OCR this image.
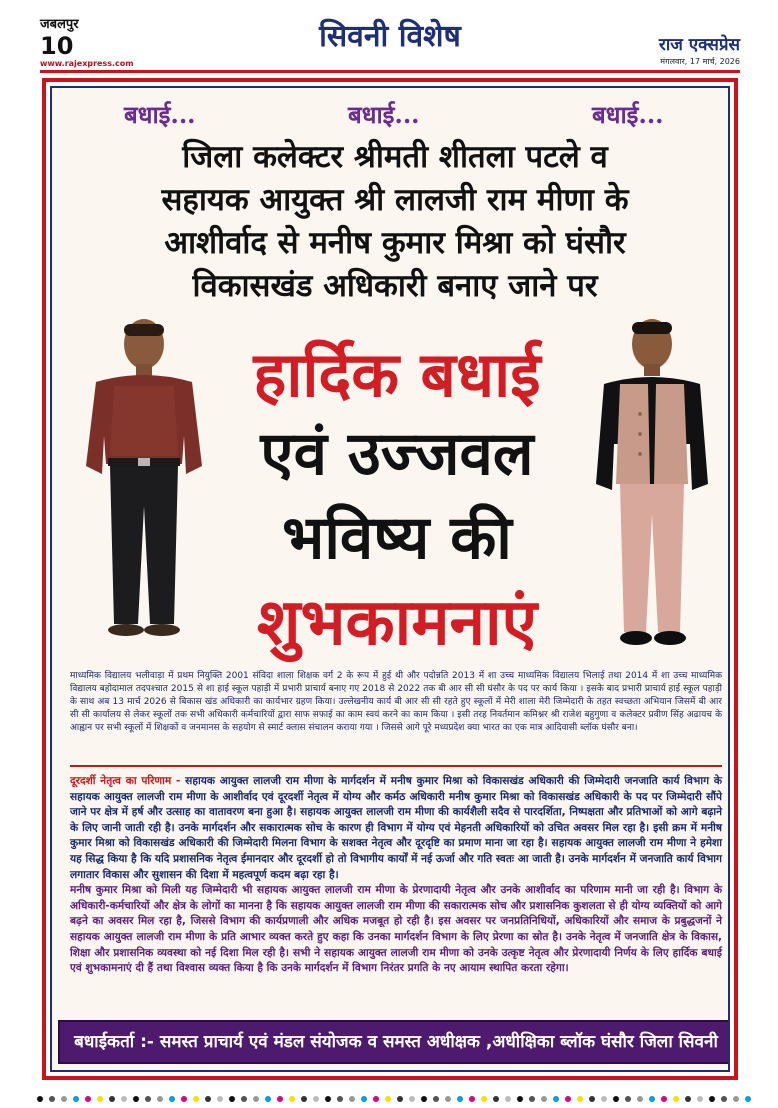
जबलपुर
10
www.rajexpress.com
सिवनी विशेष	राज एक्सप्रेस
मंगलवार, 17 मार्च, 2026
बधाई...	बधाई...	बधाई...
जिला कलेक्टर श्रीमती शीतला पटले व
सहायक आयुक्त श्री लालजी राम मीणा के
आशीर्वाद से मनीष कुमार मिश्रा को घंसौर
विकासखंड अधिकारी बनाए जाने पर
हार्दिक बधाई
एवं उज्जवल
भविष्य की
शुभकामनाएं

माध्यमिक विद्यालय भलीवाड़ा में प्रथम नियुक्ति 2001 संविदा शाला शिक्षक वर्ग 2 के रूप में हुई थी और पदोन्नति 2013 में शा उच्च माध्यमिक विद्यालय भिलाई तथा 2014 में शा उच्च माध्यमिक विद्यालय बहोदामाल तदपश्चात 2015 से शा हाई स्कूल पहाड़ी में प्रभारी प्राचार्य बनाए गए 2018 से 2022 तक बी आर सी सी घंसौर के पद पर कार्य किया । इसके बाद प्रभारी प्राचार्य हाई स्कूल पहाड़ी के साथ अब 13 मार्च 2026 से बिकास खंड अधिकारी का कार्यभार ग्रहण किया। उल्लेखनीय कार्य बी आर सी सी रहते हुए स्कूलों में मेरी शाला मेरी जिम्मेदारी के तहत स्वच्छता अभियान जिसमें बी आर सी सी कार्यालय से लेकर स्कूलों तक सभी अधिकारी कर्मचारियों द्वारा साफ सफाई का काम स्वयं करने का काम किया । इसी तरह निवर्तमान कमिश्नर श्री राजेश बहुगुणा व कलेक्टर प्रवीण सिंह अढायच के आह्वान पर सभी स्कूलों में शिक्षकों व जनमानस के सहयोग से स्मार्ट क्लास संचालन कराया गया । जिससे आगे पूरे मध्यप्रदेश क्या भारत का एक मात्र आदिवासी ब्लॉक घंसौर बना।

दूरदर्शी नेतृत्व का परिणाम - सहायक आयुक्त लालजी राम मीणा के मार्गदर्शन में मनीष कुमार मिश्रा को विकासखंड अधिकारी की जिम्मेदारी जनजाति कार्य विभाग के सहायक आयुक्त लालजी राम मीणा के आशीर्वाद एवं दूरदर्शी नेतृत्व में योग्य और कर्मठ अधिकारी मनीष कुमार मिश्रा को विकासखंड अधिकारी के पद पर जिम्मेदारी सौंपे जाने पर क्षेत्र में हर्ष और उत्साह का वातावरण बना हुआ है। सहायक आयुक्त लालजी राम मीणा की कार्यशैली सदैव से पारदर्शिता, निष्पक्षता और प्रतिभाओं को आगे बढ़ाने के लिए जानी जाती रही है। उनके मार्गदर्शन और सकारात्मक सोच के कारण ही विभाग में योग्य एवं मेहनती अधिकारियों को उचित अवसर मिल रहा है। इसी क्रम में मनीष कुमार मिश्रा को विकासखंड अधिकारी की जिम्मेदारी मिलना विभाग के सशक्त नेतृत्व और दूरदृष्टि का प्रमाण माना जा रहा है। सहायक आयुक्त लालजी राम मीणा ने हमेशा यह सिद्ध किया है कि यदि प्रशासनिक नेतृत्व ईमानदार और दूरदर्शी हो तो विभागीय कार्यों में नई ऊर्जा और गति स्वतः आ जाती है। उनके मार्गदर्शन में जनजाति कार्य विभाग लगातार विकास और सुशासन की दिशा में महत्वपूर्ण कदम बढ़ा रहा है।

मनीष कुमार मिश्रा को मिली यह जिम्मेदारी भी सहायक आयुक्त लालजी राम मीणा के प्रेरणादायी नेतृत्व और उनके आशीर्वाद का परिणाम मानी जा रही है। विभाग के अधिकारी-कर्मचारियों और क्षेत्र के लोगों का मानना है कि सहायक आयुक्त लालजी राम मीणा की सकारात्मक सोच और प्रशासनिक कुशलता से ही योग्य व्यक्तियों को आगे बढ़ने का अवसर मिल रहा है, जिससे विभाग की कार्यप्रणाली और अधिक मजबूत हो रही है। इस अवसर पर जनप्रतिनिधियों, अधिकारियों और समाज के प्रबुद्धजनों ने सहायक आयुक्त लालजी राम मीणा के प्रति आभार व्यक्त करते हुए कहा कि उनका मार्गदर्शन विभाग के लिए प्रेरणा का स्रोत है। उनके नेतृत्व में जनजाति क्षेत्र के विकास, शिक्षा और प्रशासनिक व्यवस्था को नई दिशा मिल रही है। सभी ने सहायक आयुक्त लालजी राम मीणा को उनके उत्कृष्ट नेतृत्व और प्रेरणादायी निर्णय के लिए हार्दिक बधाई एवं शुभकामनाएं दी हैं तथा विश्वास व्यक्त किया है कि उनके मार्गदर्शन में विभाग निरंतर प्रगति के नए आयाम स्थापित करता रहेगा।

बधाईकर्ता :- समस्त प्राचार्य एवं मंडल संयोजक व समस्त अधीक्षक ,अधीक्षिका ब्लॉक घंसौर जिला सिवनी
